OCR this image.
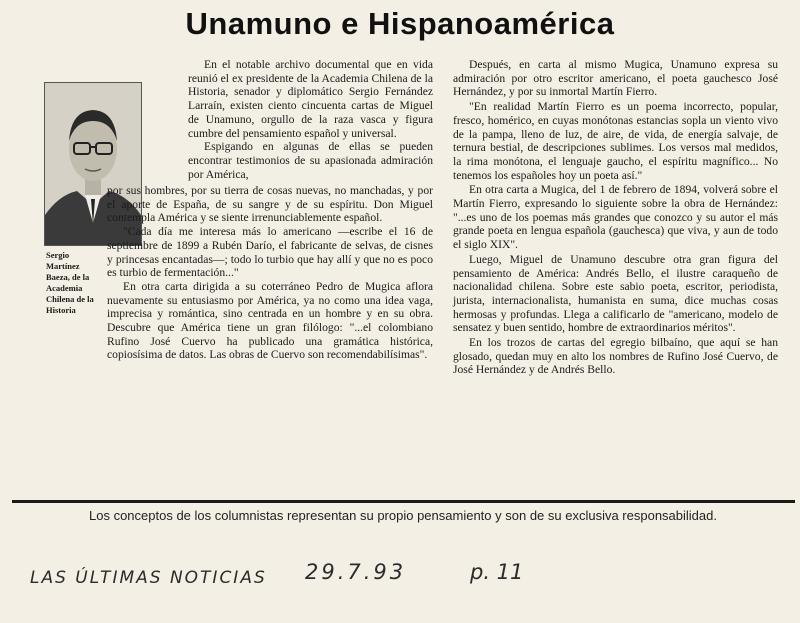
Unamuno e Hispanoamérica
Sergio Martínez Baeza, de la Academia Chilena de la Historia

En el notable archivo documental que en vida reunió el ex presidente de la Academia Chilena de la Historia, senador y diplomático Sergio Fernández Larraín, existen ciento cincuenta cartas de Miguel de Unamuno, orgullo de la raza vasca y figura cumbre del pensamiento español y universal.

Espigando en algunas de ellas se pueden encontrar testimonios de su apasionada admiración por América,

por sus hombres, por su tierra de cosas nuevas, no manchadas, y por el aporte de España, de su sangre y de su espíritu. Don Miguel contempla América y se siente irrenunciablemente español.

"Cada día me interesa más lo americano —escribe el 16 de septiembre de 1899 a Rubén Darío, el fabricante de selvas, de cisnes y princesas encantadas—; todo lo turbio que hay allí y que no es poco es turbio de fermentación..."

En otra carta dirigida a su coterráneo Pedro de Mugica aflora nuevamente su entusiasmo por América, ya no como una idea vaga, imprecisa y romántica, sino centrada en un hombre y en su obra. Descubre que América tiene un gran filólogo: "...el colombiano Rufino José Cuervo ha publicado una gramática histórica, copiosísima de datos. Las obras de Cuervo son recomendabilísimas".

Después, en carta al mismo Mugica, Unamuno expresa su admiración por otro escritor americano, el poeta gauchesco José Hernández, y por su inmortal Martín Fierro.

"En realidad Martín Fierro es un poema incorrecto, popular, fresco, homérico, en cuyas monótonas estancias sopla un viento vivo de la pampa, lleno de luz, de aire, de vida, de energía salvaje, de ternura bestial, de descripciones sublimes. Los versos mal medidos, la rima monótona, el lenguaje gaucho, el espíritu magnífico... No tenemos los españoles hoy un poeta así."

En otra carta a Mugica, del 1 de febrero de 1894, volverá sobre el Martín Fierro, expresando lo siguiente sobre la obra de Hernández: "...es uno de los poemas más grandes que conozco y su autor el más grande poeta en lengua española (gauchesca) que viva, y aun de todo el siglo XIX".

Luego, Miguel de Unamuno descubre otra gran figura del pensamiento de América: Andrés Bello, el ilustre caraqueño de nacionalidad chilena. Sobre este sabio poeta, escritor, periodista, jurista, internacionalista, humanista en suma, dice muchas cosas hermosas y profundas. Llega a calificarlo de "americano, modelo de sensatez y buen sentido, hombre de extraordinarios méritos".

En los trozos de cartas del egregio bilbaíno, que aquí se han glosado, quedan muy en alto los nombres de Rufino José Cuervo, de José Hernández y de Andrés Bello.

Los conceptos de los columnistas representan su propio pensamiento y son de su exclusiva responsabilidad.
LAS ÚLTIMAS NOTICIAS 29.7.93	p. 11
